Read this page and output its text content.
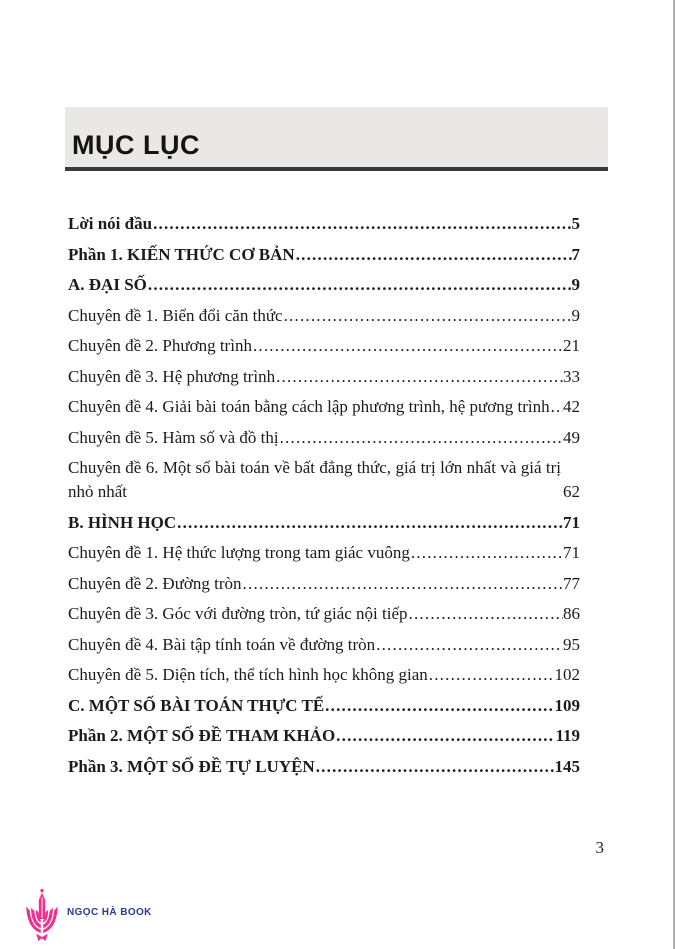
MỤC LỤC
Lời nói đầu .....	5
Phần 1. KIẾN THỨC CƠ BẢN .....	7
A. ĐẠI SỐ .....	9
Chuyên đề 1. Biển đổi căn thức .....	9
Chuyên đề 2. Phương trình .....	21
Chuyên đề 3. Hệ phương trình .....	33
Chuyên đề 4. Giải bài toán bằng cách lập phương trình, hệ pương trình ..... 42
Chuyên đề 5. Hàm số và đồ thị .....	49
Chuyên đề 6. Một số bài toán về bất đẳng thức, giá trị lớn nhất và giá trị nhỏ nhất .....	62
B. HÌNH HỌC .....	71
Chuyên đề 1. Hệ thức lượng trong tam giác vuông .....	71
Chuyên đề 2. Đường tròn .....	77
Chuyên đề 3. Góc với đường tròn, tứ giác nội tiếp .....	86
Chuyên đề 4. Bài tập tính toán về đường tròn .....	95
Chuyên đề 5. Diện tích, thể tích hình học không gian .....	102
C. MỘT SỐ BÀI TOÁN THỰC TẾ .....	109
Phần 2. MỘT SỐ ĐỀ THAM KHẢO .....	119
Phần 3. MỘT SỐ ĐỀ TỰ LUYỆN .....	145
3
NGỌC HÀ BOOK
